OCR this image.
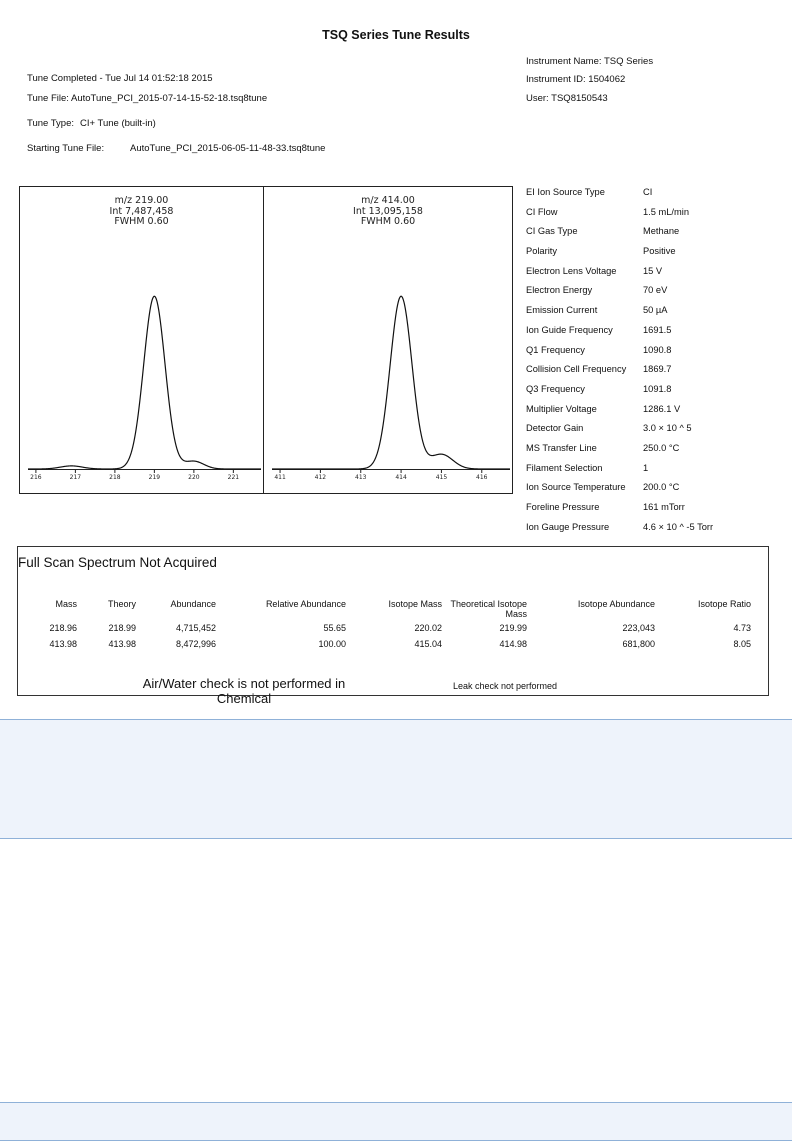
TSQ Series Tune Results
Tune Completed - Tue Jul 14 01:52:18 2015
Tune File: AutoTune_PCI_2015-07-14-15-52-18.tsq8tune
Tune Type: CI+ Tune (built-in)
Starting Tune File:	AutoTune_PCI_2015-06-05-11-48-33.tsq8tune
Instrument Name: TSQ Series
Instrument ID: 1504062
User: TSQ8150543
m/z 219.00
Int 7,487,458
FWHM 0.60
216	217	218	219	220	221
m/z 414.00
Int 13,095,158
FWHM 0.60
411	412	413	414	415	416
EI Ion Source Type	CI
CI Flow	1.5 mL/min
CI Gas Type	Methane
Polarity	Positive
Electron Lens Voltage	15 V
Electron Energy	70 eV
Emission Current	50 µA
Ion Guide Frequency	1691.5
Q1 Frequency	1090.8
Collision Cell Frequency 1869.7
Q3 Frequency	1091.8
Multiplier Voltage	1286.1 V
Detector Gain	3.0 × 10 ^ 5
MS Transfer Line	250.0 °C
Filament Selection	1
Ion Source Temperature 200.0 °C
Foreline Pressure	161 mTorr
Ion Gauge Pressure	4.6 × 10 ^ -5 Torr
Full Scan Spectrum Not Acquired
Mass	Theory	Abundance	Relative Abundance	Isotope Mass	Theoretical Isotope Mass	Isotope Abundance	Isotope Ratio
218.96	218.99	4,715,452	55.65	220.02	219.99	223,043	4.73
413.98	413.98	8,472,996	100.00	415.04	414.98	681,800	8.05
Air/Water check is not performed in Chemical
Leak check not performed
